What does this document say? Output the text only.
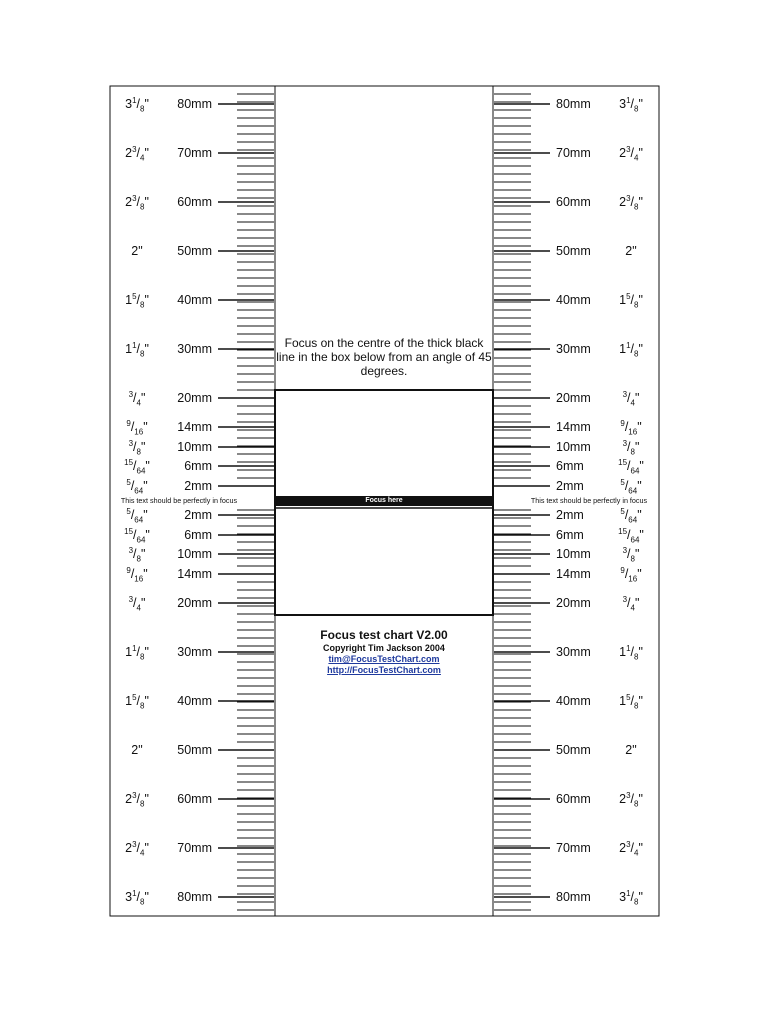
80mm	80mm
$3^1/_8$"	$3^1/_8$"
70mm	70mm
$2^3/_4$"	$2^3/_4$"
60mm	60mm
$2^3/_8$"	$2^3/_8$"
50mm	50mm
2"	2"
40mm	40mm
$1^5/_8$"	$1^5/_8$"
30mm	30mm
$1^1/_8$"	$1^1/_8$"
20mm	20mm
$^3/_4$"	$^3/_4$"
14mm	14mm
$^9/_{16}$"	$^9/_{16}$"
10mm	10mm
$^3/_8$"	$^3/_8$"
6mm	6mm
$^{15}/_{64}$"	$^{15}/_{64}$"
2mm	2mm
$^5/_{64}$"	$^5/_{64}$"
2mm	2mm
$^5/_{64}$"	$^5/_{64}$"
6mm	6mm
$^{15}/_{64}$"	$^{15}/_{64}$"
10mm	10mm
$^3/_8$"	$^3/_8$"
14mm	14mm
$^9/_{16}$"	$^9/_{16}$"
20mm	20mm
$^3/_4$"	$^3/_4$"
30mm	30mm
$1^1/_8$"	$1^1/_8$"
40mm	40mm
$1^5/_8$"	$1^5/_8$"
50mm	50mm
2"	2"
60mm	60mm
$2^3/_8$"	$2^3/_8$"
70mm	70mm
$2^3/_4$"	$2^3/_4$"
80mm	80mm
$3^1/_8$"	$3^1/_8$"
Focus on the centre of the thick black line in the box below from an angle of 45 degrees.
Focus here
This text should be perfectly in focus	This text should be perfectly in focus
Focus test chart V2.00
Copyright Tim Jackson 2004
tim@FocusTestChart.com
http://FocusTestChart.com
